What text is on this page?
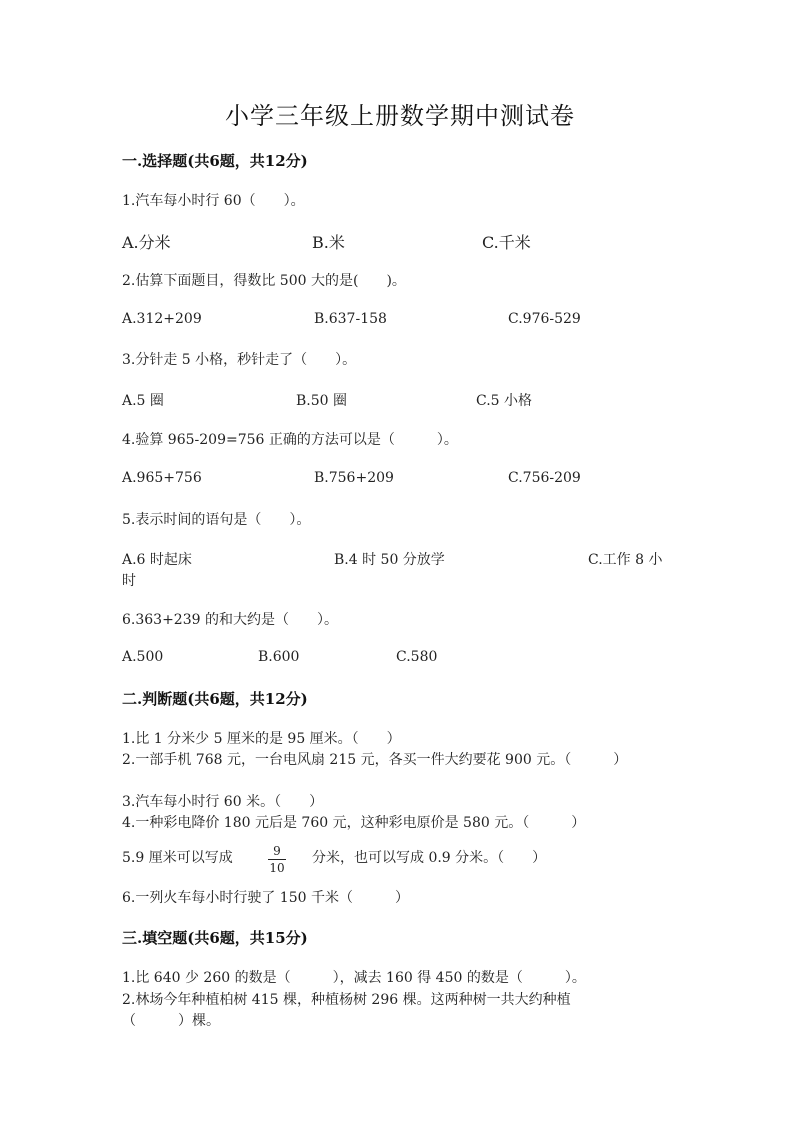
小学三年级上册数学期中测试卷
一.选择题(共6题，共12分)
1.汽车每小时行 60（　　）。
A.分米	B.米	C.千米
2.估算下面题目，得数比 500 大的是(　　)。
A.312+209	B.637-158	C.976-529
3.分针走 5 小格，秒针走了（　　）。
A.5 圈	B.50 圈	C.5 小格
4.验算 965-209=756 正确的方法可以是（　　　）。
A.965+756	B.756+209	C.756-209
5.表示时间的语句是（　　）。
A.6 时起床	B.4 时 50 分放学	C.工作 8 小
时
6.363+239 的和大约是（　　）。
A.500	B.600	C.580
二.判断题(共6题，共12分)
1.比 1 分米少 5 厘米的是 95 厘米。（　　）
2.一部手机 768 元，一台电风扇 215 元，各买一件大约要花 900 元。（　　　）
3.汽车每小时行 60 米。（　　）
4.一种彩电降价 180 元后是 760 元，这种彩电原价是 580 元。（　　　）
5.9 厘米可以写成	$\frac{9}{10}$ 分米，也可以写成 0.9 分米。（　　）
6.一列火车每小时行驶了 150 千米（　　　）
三.填空题(共6题，共15分)
1.比 640 少 260 的数是（　　　），减去 160 得 450 的数是（　　　）。
2.林场今年种植柏树 415 棵，种植杨树 296 棵。这两种树一共大约种植
（　　　）棵。
